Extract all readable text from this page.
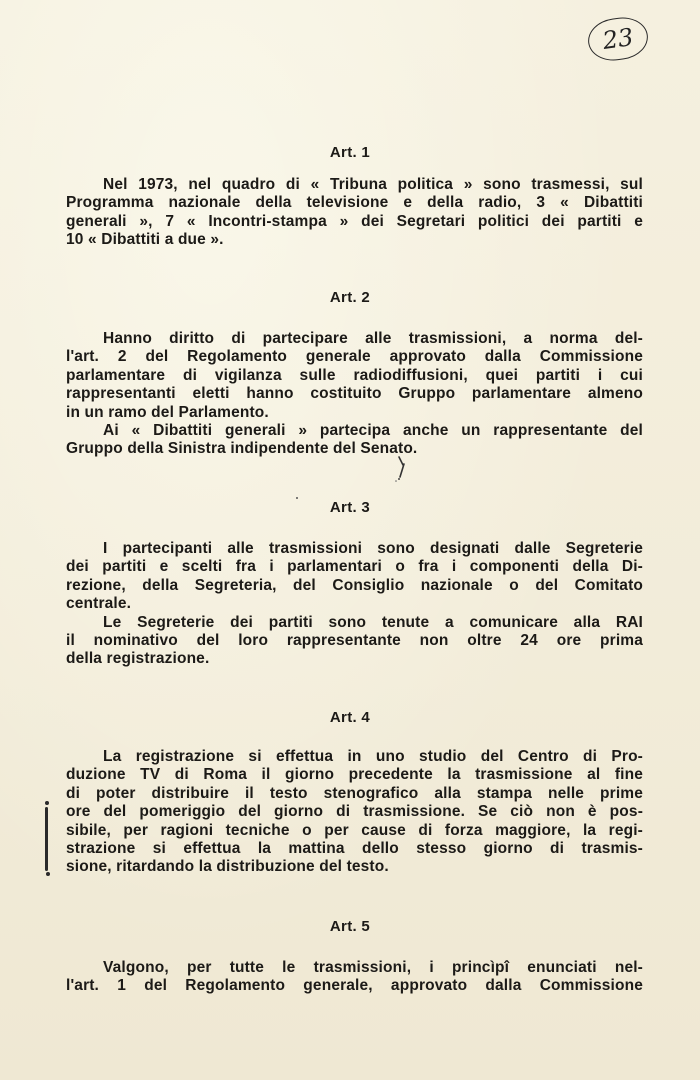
23
Art. 1
Nel 1973, nel quadro di « Tribuna politica » sono trasmessi, sul
Programma nazionale della televisione e della radio, 3 « Dibattiti
generali », 7 « Incontri-stampa » dei Segretari politici dei partiti e
10 « Dibattiti a due ».
Art. 2
Hanno diritto di partecipare alle trasmissioni, a norma del-
l'art. 2 del Regolamento generale approvato dalla Commissione
parlamentare di vigilanza sulle radiodiffusioni, quei partiti i cui
rappresentanti eletti hanno costituito Gruppo parlamentare almeno
in un ramo del Parlamento.
Ai « Dibattiti generali » partecipa anche un rappresentante del
Gruppo della Sinistra indipendente del Senato.
Art. 3
I partecipanti alle trasmissioni sono designati dalle Segreterie
dei partiti e scelti fra i parlamentari o fra i componenti della Di-
rezione, della Segreteria, del Consiglio nazionale o del Comitato
centrale.
Le Segreterie dei partiti sono tenute a comunicare alla RAI
il nominativo del loro rappresentante non oltre 24 ore prima
della registrazione.
Art. 4
La registrazione si effettua in uno studio del Centro di Pro-
duzione TV di Roma il giorno precedente la trasmissione al fine
di poter distribuire il testo stenografico alla stampa nelle prime
ore del pomeriggio del giorno di trasmissione. Se ciò non è pos-
sibile, per ragioni tecniche o per cause di forza maggiore, la regi-
strazione si effettua la mattina dello stesso giorno di trasmis-
sione, ritardando la distribuzione del testo.
Art. 5
Valgono, per tutte le trasmissioni, i princìpî enunciati nel-
l'art. 1 del Regolamento generale, approvato dalla Commissione
